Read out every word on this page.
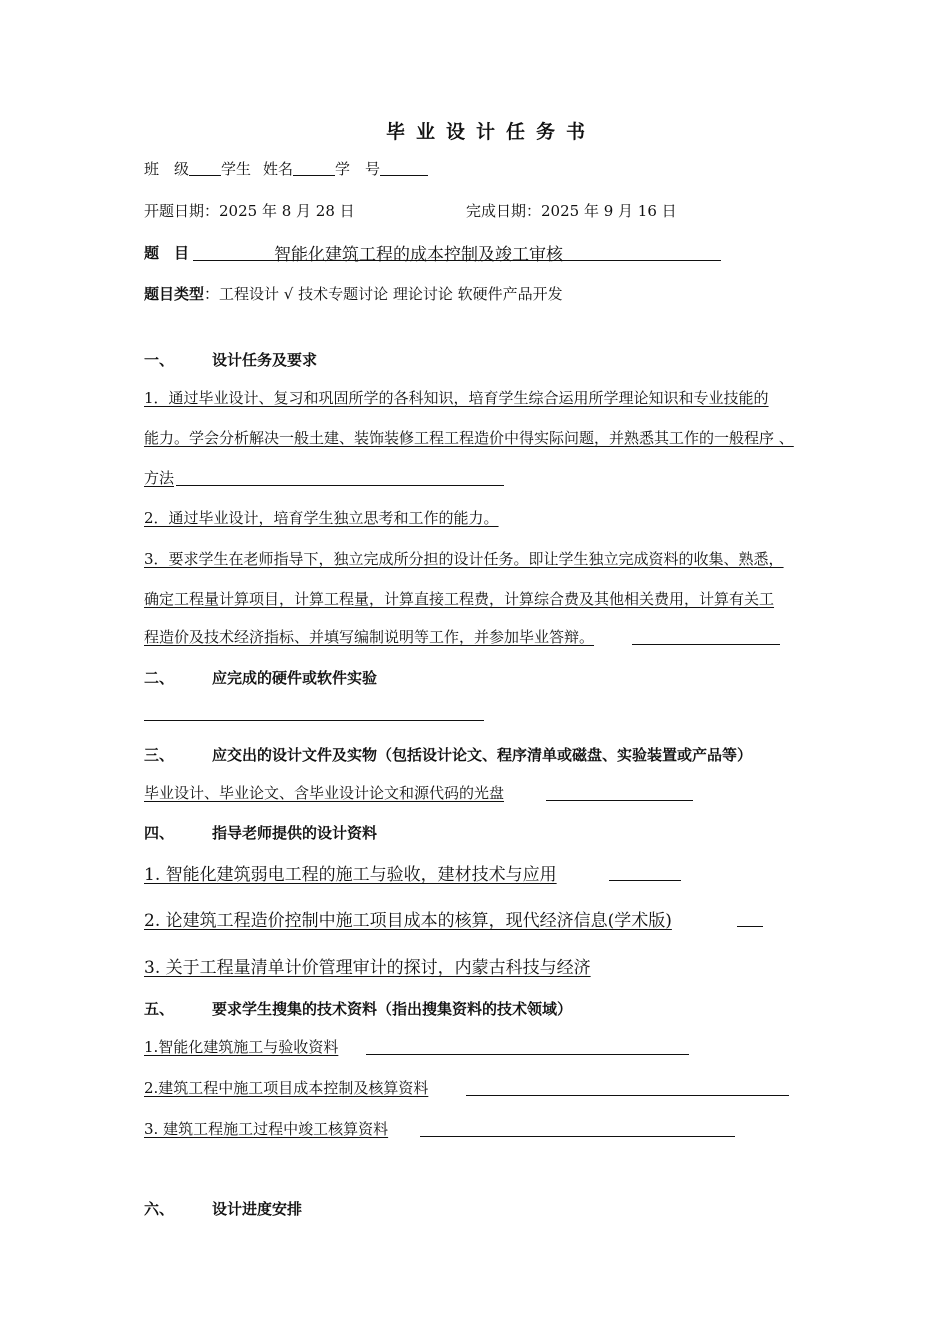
毕业设计任务书
班　级 学生 姓名	学　号
开题日期：2025 年 8 月 28 日	完成日期：2025 年 9 月 16 日
题　目	智能化建筑工程的成本控制及竣工审核
题目类型：工程设计 √ 技术专题讨论 理论讨论 软硬件产品开发
一、	设计任务及要求
1．通过毕业设计、复习和巩固所学的各科知识，培育学生综合运用所学理论知识和专业技能的
能力。学会分析解决一般土建、装饰装修工程工程造价中得实际问题，并熟悉其工作的一般程序 、
方法
2．通过毕业设计，培育学生独立思考和工作的能力。
3．要求学生在老师指导下，独立完成所分担的设计任务。即让学生独立完成资料的收集、熟悉，
确定工程量计算项目，计算工程量，计算直接工程费，计算综合费及其他相关费用，计算有关工
程造价及技术经济指标、并填写编制说明等工作，并参加毕业答辩。
二、	应完成的硬件或软件实验
三、	应交出的设计文件及实物（包括设计论文、程序清单或磁盘、实验装置或产品等）
毕业设计、毕业论文、含毕业设计论文和源代码的光盘
四、	指导老师提供的设计资料
1. 智能化建筑弱电工程的施工与验收，建材技术与应用
2. 论建筑工程造价控制中施工项目成本的核算，现代经济信息(学术版)
3. 关于工程量清单计价管理审计的探讨，内蒙古科技与经济
五、	要求学生搜集的技术资料（指出搜集资料的技术领域）
1.智能化建筑施工与验收资料
2.建筑工程中施工项目成本控制及核算资料
3. 建筑工程施工过程中竣工核算资料
六、	设计进度安排
